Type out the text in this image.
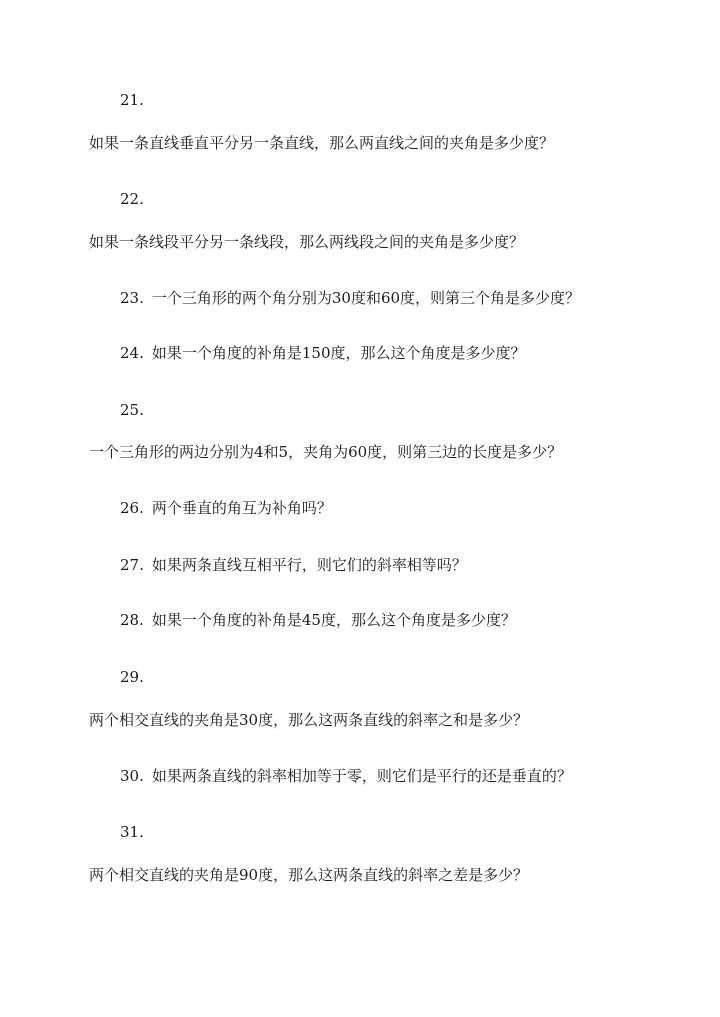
21.
如果一条直线垂直平分另一条直线，那么两直线之间的夹角是多少度？
22.
如果一条线段平分另一条线段，那么两线段之间的夹角是多少度？
23. 一个三角形的两个角分别为30度和60度，则第三个角是多少度？
24. 如果一个角度的补角是150度，那么这个角度是多少度？
25.
一个三角形的两边分别为4和5，夹角为60度，则第三边的长度是多少？
26. 两个垂直的角互为补角吗？
27. 如果两条直线互相平行，则它们的斜率相等吗？
28. 如果一个角度的补角是45度，那么这个角度是多少度？
29.
两个相交直线的夹角是30度，那么这两条直线的斜率之和是多少？
30. 如果两条直线的斜率相加等于零，则它们是平行的还是垂直的？
31.
两个相交直线的夹角是90度，那么这两条直线的斜率之差是多少？
